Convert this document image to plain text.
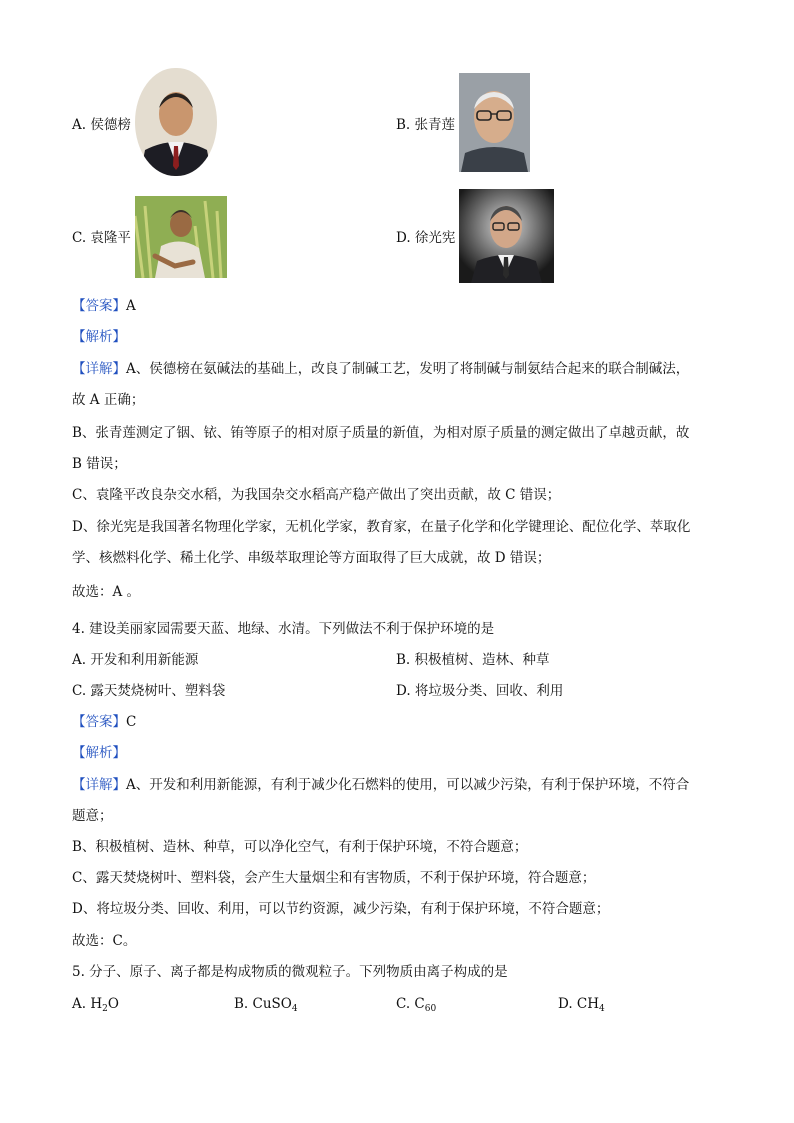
A. 侯德榜	B. 张青莲
C. 袁隆平	D. 徐光宪
【答案】A
【解析】
【详解】A、侯德榜在氨碱法的基础上，改良了制碱工艺，发明了将制碱与制氨结合起来的联合制碱法，
故 A 正确；
B、张青莲测定了铟、铱、铕等原子的相对原子质量的新值，为相对原子质量的测定做出了卓越贡献，故
B 错误；
C、袁隆平改良杂交水稻，为我国杂交水稻高产稳产做出了突出贡献，故 C 错误；
D、徐光宪是我国著名物理化学家，无机化学家，教育家，在量子化学和化学键理论、配位化学、萃取化
学、核燃料化学、稀土化学、串级萃取理论等方面取得了巨大成就，故 D 错误；
故选：A 。
4. 建设美丽家园需要天蓝、地绿、水清。下列做法不利于保护环境的是
A. 开发和利用新能源	B. 积极植树、造林、种草
C. 露天焚烧树叶、塑料袋	D. 将垃圾分类、回收、利用
【答案】C
【解析】
【详解】A、开发和利用新能源，有利于减少化石燃料的使用，可以减少污染，有利于保护环境，不符合
题意；
B、积极植树、造林、种草，可以净化空气，有利于保护环境，不符合题意；
C、露天焚烧树叶、塑料袋，会产生大量烟尘和有害物质，不利于保护环境，符合题意；
D、将垃圾分类、回收、利用，可以节约资源，减少污染，有利于保护环境，不符合题意；
故选：C。
5. 分子、原子、离子都是构成物质的微观粒子。下列物质由离子构成的是
A. $H_2O$	B. CuSO$_4$	C. $C_{60}$	D. $CH_4$
